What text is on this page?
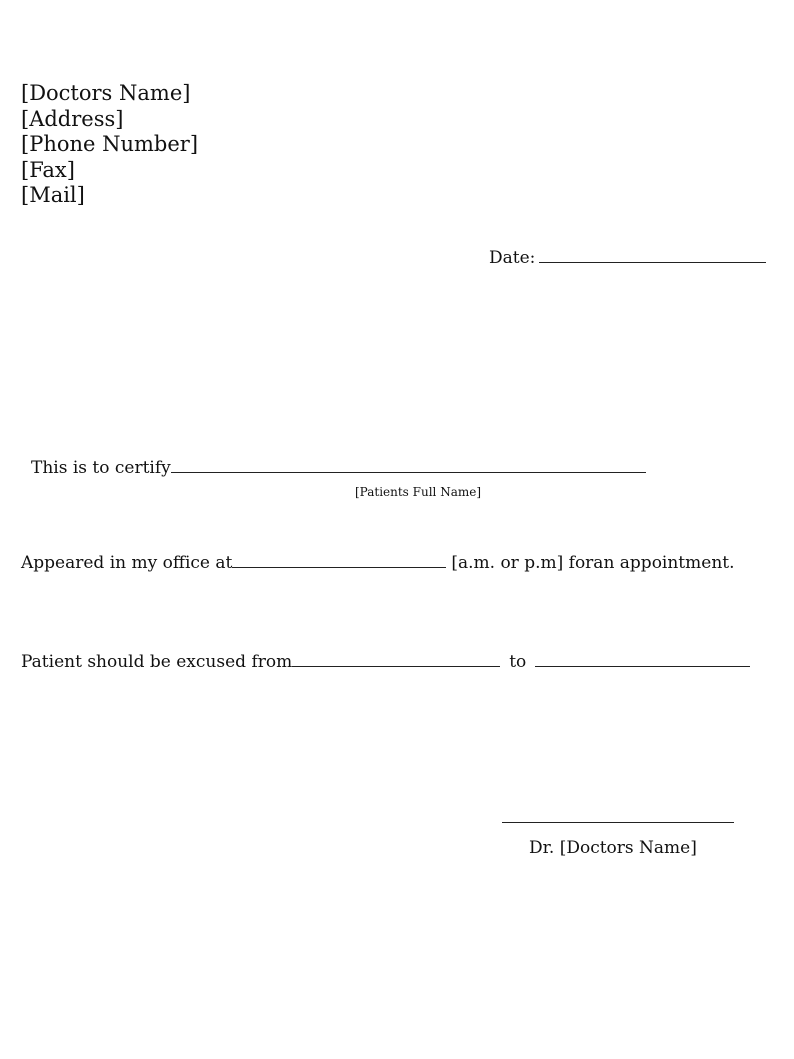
[Doctors Name]
[Address]
[Phone Number]
[Fax]
[Mail]
Date:
This is to certify
[Patients Full Name]
Appeared in my office at	[a.m. or p.m] foran appointment.
Patient should be excused from	to
Dr. [Doctors Name]
